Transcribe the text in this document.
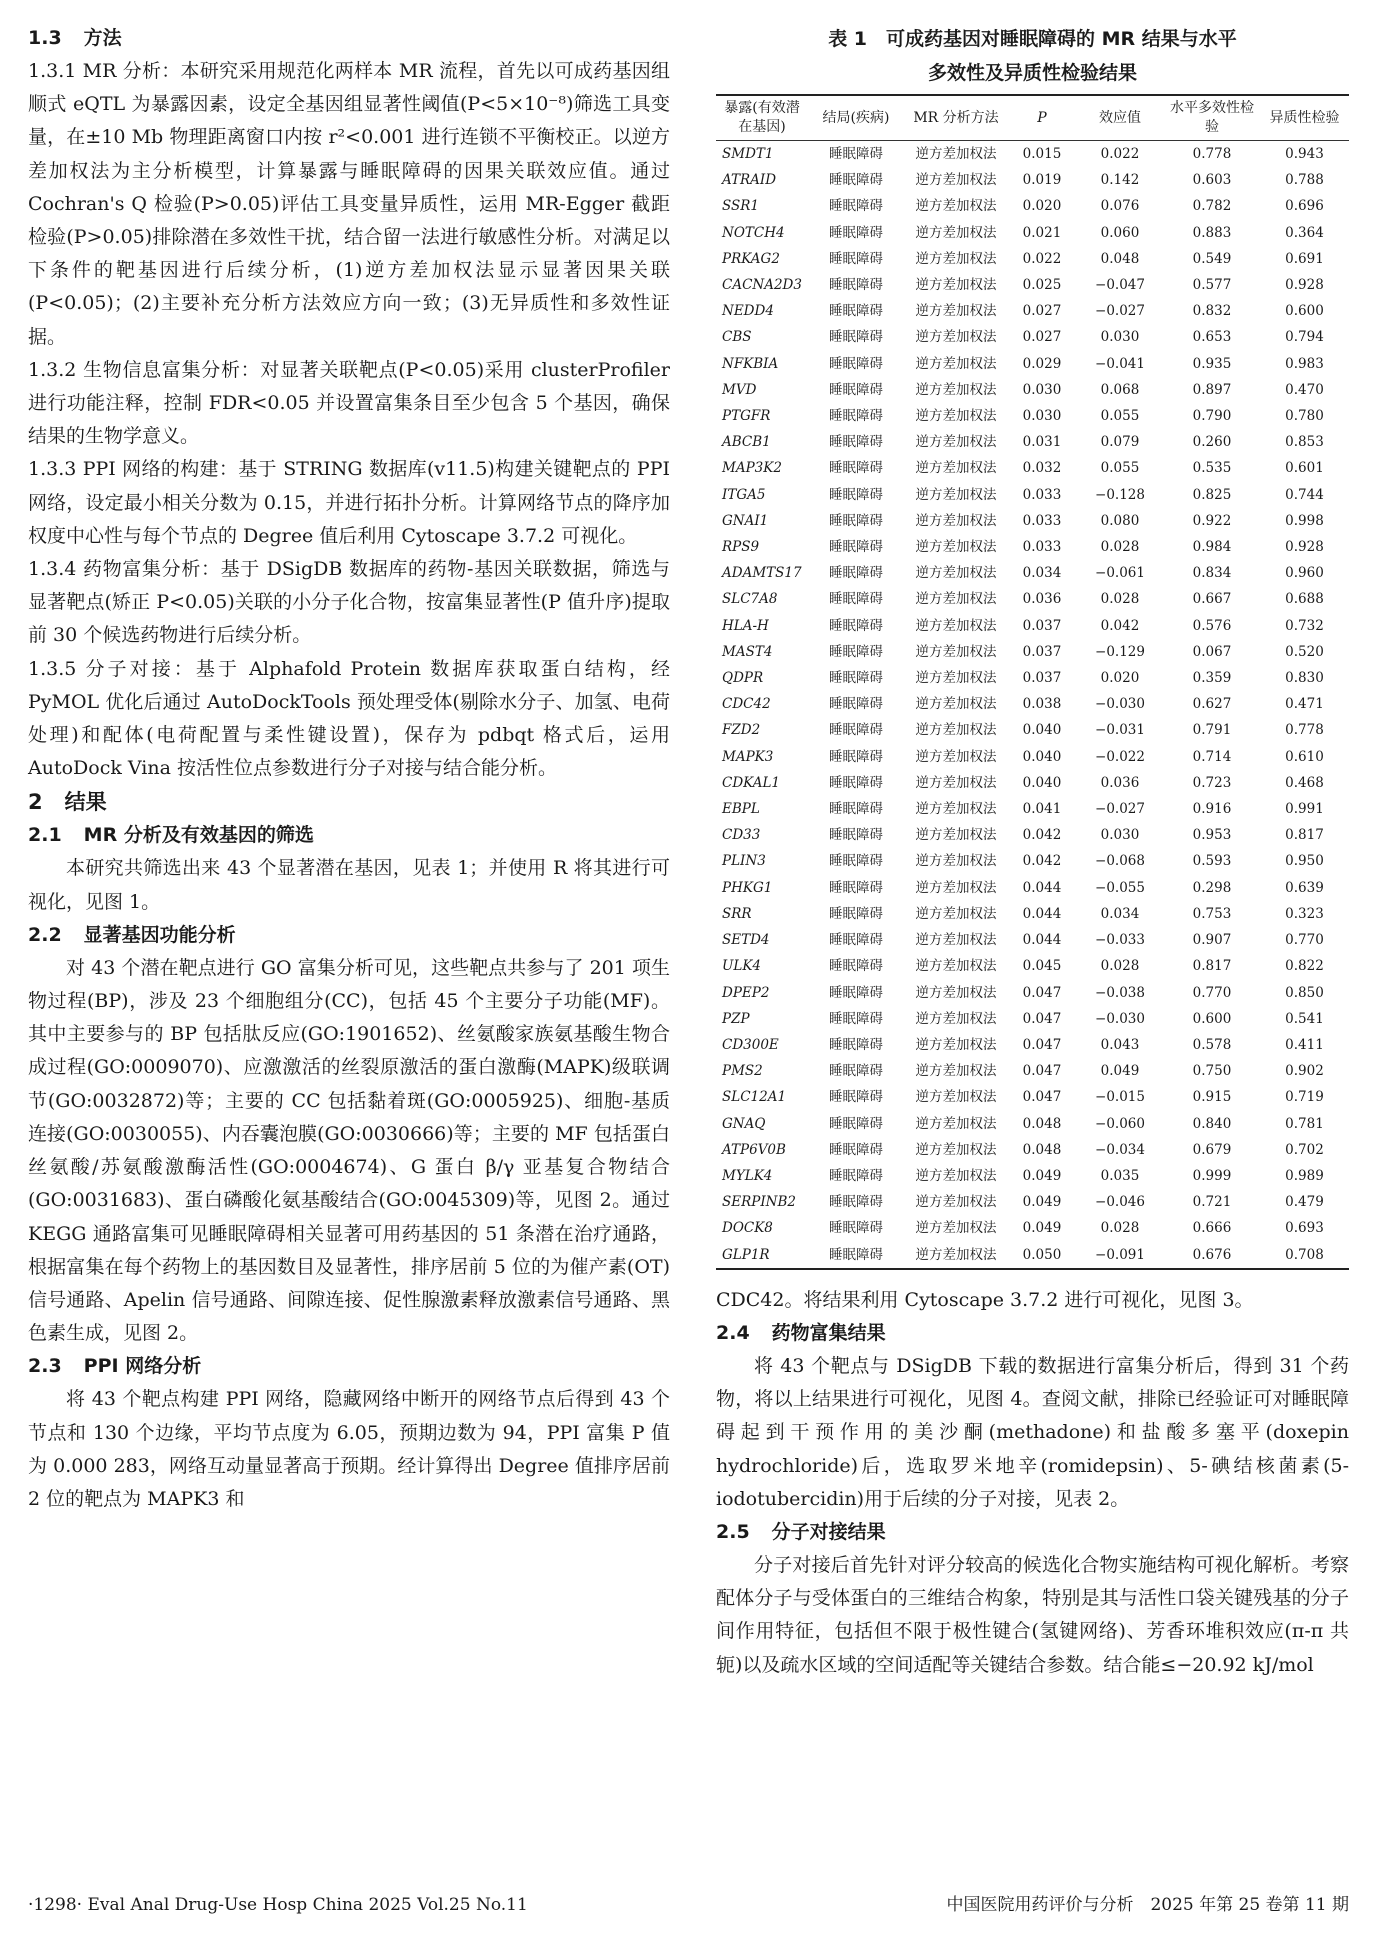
1.3 方法

1.3.1 MR 分析：本研究采用规范化两样本 MR 流程，首先以可成药基因组顺式 eQTL 为暴露因素，设定全基因组显著性阈值(P<5×10⁻⁸)筛选工具变量，在±10 Mb 物理距离窗口内按 r²<0.001 进行连锁不平衡校正。以逆方差加权法为主分析模型，计算暴露与睡眠障碍的因果关联效应值。通过 Cochran's Q 检验(P>0.05)评估工具变量异质性，运用 MR-Egger 截距检验(P>0.05)排除潜在多效性干扰，结合留一法进行敏感性分析。对满足以下条件的靶基因进行后续分析，(1)逆方差加权法显示显著因果关联(P<0.05)；(2)主要补充分析方法效应方向一致；(3)无异质性和多效性证据。

1.3.2 生物信息富集分析：对显著关联靶点(P<0.05)采用 clusterProfiler 进行功能注释，控制 FDR<0.05 并设置富集条目至少包含 5 个基因，确保结果的生物学意义。

1.3.3 PPI 网络的构建：基于 STRING 数据库(v11.5)构建关键靶点的 PPI 网络，设定最小相关分数为 0.15，并进行拓扑分析。计算网络节点的降序加权度中心性与每个节点的 Degree 值后利用 Cytoscape 3.7.2 可视化。

1.3.4 药物富集分析：基于 DSigDB 数据库的药物-基因关联数据，筛选与显著靶点(矫正 P<0.05)关联的小分子化合物，按富集显著性(P 值升序)提取前 30 个候选药物进行后续分析。

1.3.5 分子对接：基于 Alphafold Protein 数据库获取蛋白结构，经 PyMOL 优化后通过 AutoDockTools 预处理受体(剔除水分子、加氢、电荷处理)和配体(电荷配置与柔性键设置)，保存为 pdbqt 格式后，运用 AutoDock Vina 按活性位点参数进行分子对接与结合能分析。

2 结果

2.1 MR 分析及有效基因的筛选

本研究共筛选出来 43 个显著潜在基因，见表 1；并使用 R 将其进行可视化，见图 1。

2.2 显著基因功能分析

对 43 个潜在靶点进行 GO 富集分析可见，这些靶点共参与了 201 项生物过程(BP)，涉及 23 个细胞组分(CC)，包括 45 个主要分子功能(MF)。其中主要参与的 BP 包括肽反应(GO:1901652)、丝氨酸家族氨基酸生物合成过程(GO:0009070)、应激激活的丝裂原激活的蛋白激酶(MAPK)级联调节(GO:0032872)等；主要的 CC 包括黏着斑(GO:0005925)、细胞-基质连接(GO:0030055)、内吞囊泡膜(GO:0030666)等；主要的 MF 包括蛋白丝氨酸/苏氨酸激酶活性(GO:0004674)、G 蛋白 β/γ 亚基复合物结合(GO:0031683)、蛋白磷酸化氨基酸结合(GO:0045309)等，见图 2。通过 KEGG 通路富集可见睡眠障碍相关显著可用药基因的 51 条潜在治疗通路，根据富集在每个药物上的基因数目及显著性，排序居前 5 位的为催产素(OT)信号通路、Apelin 信号通路、间隙连接、促性腺激素释放激素信号通路、黑色素生成，见图 2。

2.3 PPI 网络分析

将 43 个靶点构建 PPI 网络，隐藏网络中断开的网络节点后得到 43 个节点和 130 个边缘，平均节点度为 6.05，预期边数为 94，PPI 富集 P 值为 0.000 283，网络互动量显著高于预期。经计算得出 Degree 值排序居前 2 位的靶点为 MAPK3 和

表 1　可成药基因对睡眠障碍的 MR 结果与水平

多效性及异质性检验结果

暴露(有效潜在基因)	结局(疾病)	MR 分析方法	P	效应值	水平多效性检验	异质性检验
SMDT1	睡眠障碍	逆方差加权法	0.015	0.022	0.778	0.943
ATRAID	睡眠障碍	逆方差加权法	0.019	0.142	0.603	0.788
SSR1	睡眠障碍	逆方差加权法	0.020	0.076	0.782	0.696
NOTCH4	睡眠障碍	逆方差加权法	0.021	0.060	0.883	0.364
PRKAG2	睡眠障碍	逆方差加权法	0.022	0.048	0.549	0.691
CACNA2D3	睡眠障碍	逆方差加权法	0.025	−0.047	0.577	0.928
NEDD4	睡眠障碍	逆方差加权法	0.027	−0.027	0.832	0.600
CBS	睡眠障碍	逆方差加权法	0.027	0.030	0.653	0.794
NFKBIA	睡眠障碍	逆方差加权法	0.029	−0.041	0.935	0.983
MVD	睡眠障碍	逆方差加权法	0.030	0.068	0.897	0.470
PTGFR	睡眠障碍	逆方差加权法	0.030	0.055	0.790	0.780
ABCB1	睡眠障碍	逆方差加权法	0.031	0.079	0.260	0.853
MAP3K2	睡眠障碍	逆方差加权法	0.032	0.055	0.535	0.601
ITGA5	睡眠障碍	逆方差加权法	0.033	−0.128	0.825	0.744
GNAI1	睡眠障碍	逆方差加权法	0.033	0.080	0.922	0.998
RPS9	睡眠障碍	逆方差加权法	0.033	0.028	0.984	0.928
ADAMTS17	睡眠障碍	逆方差加权法	0.034	−0.061	0.834	0.960
SLC7A8	睡眠障碍	逆方差加权法	0.036	0.028	0.667	0.688
HLA-H	睡眠障碍	逆方差加权法	0.037	0.042	0.576	0.732
MAST4	睡眠障碍	逆方差加权法	0.037	−0.129	0.067	0.520
QDPR	睡眠障碍	逆方差加权法	0.037	0.020	0.359	0.830
CDC42	睡眠障碍	逆方差加权法	0.038	−0.030	0.627	0.471
FZD2	睡眠障碍	逆方差加权法	0.040	−0.031	0.791	0.778
MAPK3	睡眠障碍	逆方差加权法	0.040	−0.022	0.714	0.610
CDKAL1	睡眠障碍	逆方差加权法	0.040	0.036	0.723	0.468
EBPL	睡眠障碍	逆方差加权法	0.041	−0.027	0.916	0.991
CD33	睡眠障碍	逆方差加权法	0.042	0.030	0.953	0.817
PLIN3	睡眠障碍	逆方差加权法	0.042	−0.068	0.593	0.950
PHKG1	睡眠障碍	逆方差加权法	0.044	−0.055	0.298	0.639
SRR	睡眠障碍	逆方差加权法	0.044	0.034	0.753	0.323
SETD4	睡眠障碍	逆方差加权法	0.044	−0.033	0.907	0.770
ULK4	睡眠障碍	逆方差加权法	0.045	0.028	0.817	0.822
DPEP2	睡眠障碍	逆方差加权法	0.047	−0.038	0.770	0.850
PZP	睡眠障碍	逆方差加权法	0.047	−0.030	0.600	0.541
CD300E	睡眠障碍	逆方差加权法	0.047	0.043	0.578	0.411
PMS2	睡眠障碍	逆方差加权法	0.047	0.049	0.750	0.902
SLC12A1	睡眠障碍	逆方差加权法	0.047	−0.015	0.915	0.719
GNAQ	睡眠障碍	逆方差加权法	0.048	−0.060	0.840	0.781
ATP6V0B	睡眠障碍	逆方差加权法	0.048	−0.034	0.679	0.702
MYLK4	睡眠障碍	逆方差加权法	0.049	0.035	0.999	0.989
SERPINB2	睡眠障碍	逆方差加权法	0.049	−0.046	0.721	0.479
DOCK8	睡眠障碍	逆方差加权法	0.049	0.028	0.666	0.693
GLP1R	睡眠障碍	逆方差加权法	0.050	−0.091	0.676	0.708

CDC42。将结果利用 Cytoscape 3.7.2 进行可视化，见图 3。

2.4 药物富集结果

将 43 个靶点与 DSigDB 下载的数据进行富集分析后，得到 31 个药物，将以上结果进行可视化，见图 4。查阅文献，排除已经验证可对睡眠障碍起到干预作用的美沙酮(methadone)和盐酸多塞平(doxepin hydrochloride)后，选取罗米地辛(romidepsin)、5-碘结核菌素(5-iodotubercidin)用于后续的分子对接，见表 2。

2.5 分子对接结果

分子对接后首先针对评分较高的候选化合物实施结构可视化解析。考察配体分子与受体蛋白的三维结合构象，特别是其与活性口袋关键残基的分子间作用特征，包括但不限于极性键合(氢键网络)、芳香环堆积效应(π-π 共轭)以及疏水区域的空间适配等关键结合参数。结合能≤−20.92 kJ/mol

·1298· Eval Anal Drug-Use Hosp China 2025 Vol.25 No.11	中国医院用药评价与分析　2025 年第 25 卷第 11 期
